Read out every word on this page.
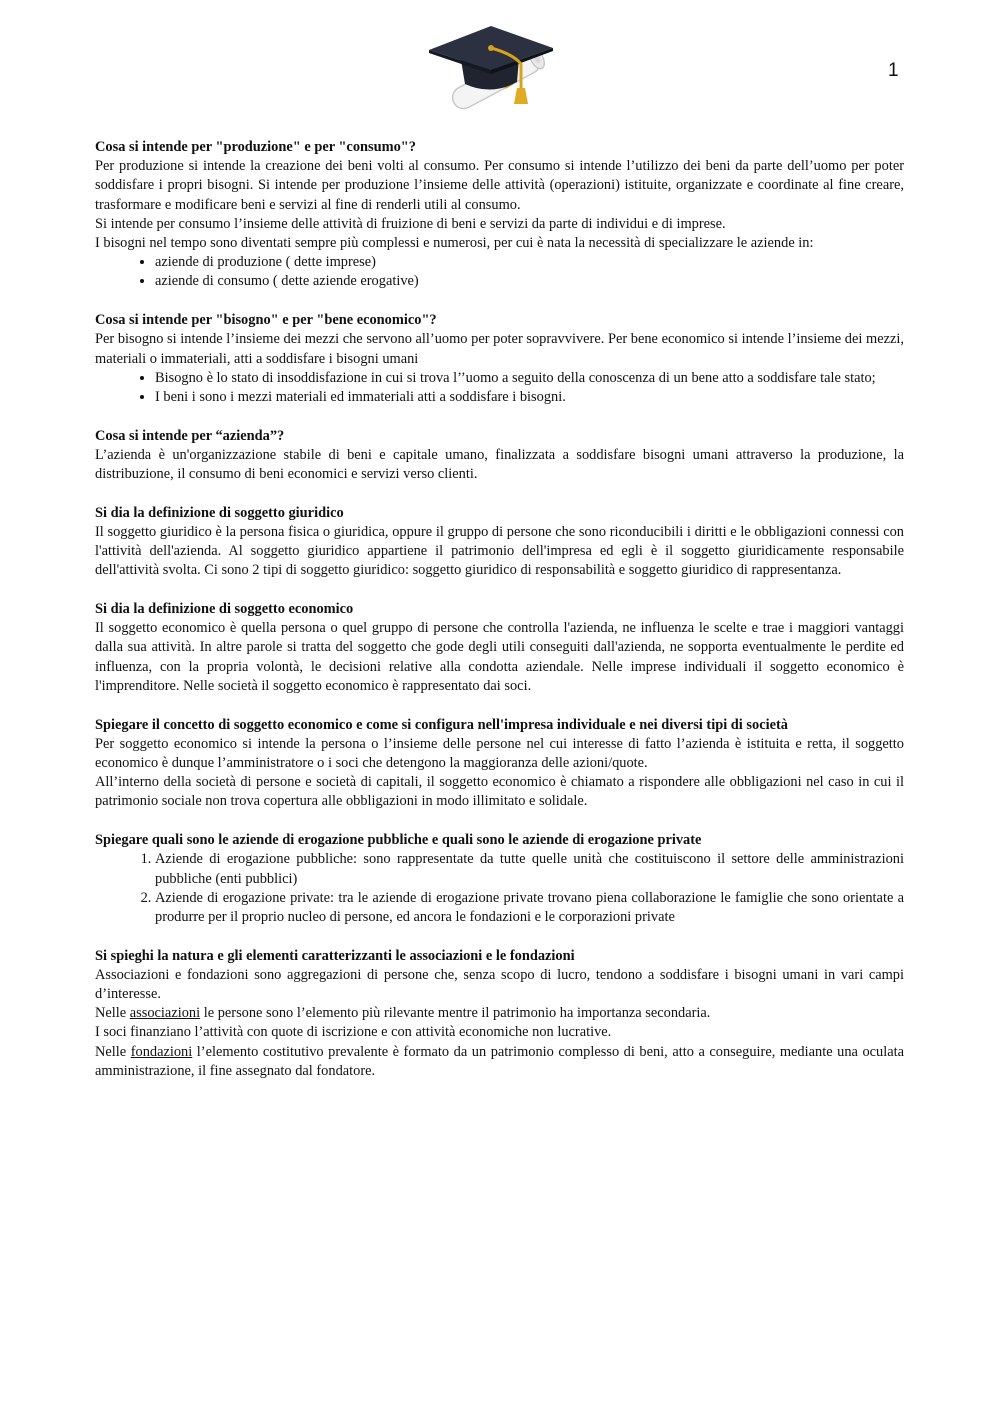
1

Cosa si intende per "produzione" e per "consumo"?

Per produzione si intende la creazione dei beni volti al consumo. Per consumo si intende l’utilizzo dei beni da parte dell’uomo per poter soddisfare i propri bisogni. Si intende per produzione l’insieme delle attività (operazioni) istituite, organizzate e coordinate al fine creare, trasformare e modificare beni e servizi al fine di renderli utili al consumo.

Si intende per consumo l’insieme delle attività di fruizione di beni e servizi da parte di individui e di imprese.

I bisogni nel tempo sono diventati sempre più complessi e numerosi, per cui è nata la necessità di specializzare le aziende in:

• aziende di produzione ( dette imprese)
• aziende di consumo ( dette aziende erogative)

Cosa si intende per "bisogno" e per "bene economico"?

Per bisogno si intende l’insieme dei mezzi che servono all’uomo per poter sopravvivere. Per bene economico si intende l’insieme dei mezzi, materiali o immateriali, atti a soddisfare i bisogni umani

• Bisogno è lo stato di insoddisfazione in cui si trova l’’uomo a seguito della conoscenza di un bene atto a soddisfare tale stato;
• I beni i sono i mezzi materiali ed immateriali atti a soddisfare i bisogni.

Cosa si intende per “azienda”?

L’azienda è un'organizzazione stabile di beni e capitale umano, finalizzata a soddisfare bisogni umani attraverso la produzione, la distribuzione, il consumo di beni economici e servizi verso clienti.

Si dia la definizione di soggetto giuridico

Il soggetto giuridico è la persona fisica o giuridica, oppure il gruppo di persone che sono riconducibili i diritti e le obbligazioni connessi con l'attività dell'azienda. Al soggetto giuridico appartiene il patrimonio dell'impresa ed egli è il soggetto giuridicamente responsabile dell'attività svolta. Ci sono 2 tipi di soggetto giuridico: soggetto giuridico di responsabilità e soggetto giuridico di rappresentanza.

Si dia la definizione di soggetto economico

Il soggetto economico è quella persona o quel gruppo di persone che controlla l'azienda, ne influenza le scelte e trae i maggiori vantaggi dalla sua attività. In altre parole si tratta del soggetto che gode degli utili conseguiti dall'azienda, ne sopporta eventualmente le perdite ed influenza, con la propria volontà, le decisioni relative alla condotta aziendale. Nelle imprese individuali il soggetto economico è l'imprenditore. Nelle società il soggetto economico è rappresentato dai soci.

Spiegare il concetto di soggetto economico e come si configura nell'impresa individuale e nei diversi tipi di società

Per soggetto economico si intende la persona o l’insieme delle persone nel cui interesse di fatto l’azienda è istituita e retta, il soggetto economico è dunque l’amministratore o i soci che detengono la maggioranza delle azioni/quote.

All’interno della società di persone e società di capitali, il soggetto economico è chiamato a rispondere alle obbligazioni nel caso in cui il patrimonio sociale non trova copertura alle obbligazioni in modo illimitato e solidale.

Spiegare quali sono le aziende di erogazione pubbliche e quali sono le aziende di erogazione private

1. Aziende di erogazione pubbliche: sono rappresentate da tutte quelle unità che costituiscono il settore delle amministrazioni pubbliche (enti pubblici)
2. Aziende di erogazione private: tra le aziende di erogazione private trovano piena collaborazione le famiglie che sono orientate a produrre per il proprio nucleo di persone, ed ancora le fondazioni e le corporazioni private

Si spieghi la natura e gli elementi caratterizzanti le associazioni e le fondazioni

Associazioni e fondazioni sono aggregazioni di persone che, senza scopo di lucro, tendono a soddisfare i bisogni umani in vari campi d’interesse.

Nelle associazioni le persone sono l’elemento più rilevante mentre il patrimonio ha importanza secondaria.

I soci finanziano l’attività con quote di iscrizione e con attività economiche non lucrative.

Nelle fondazioni l’elemento costitutivo prevalente è formato da un patrimonio complesso di beni, atto a conseguire, mediante una oculata amministrazione, il fine assegnato dal fondatore.
